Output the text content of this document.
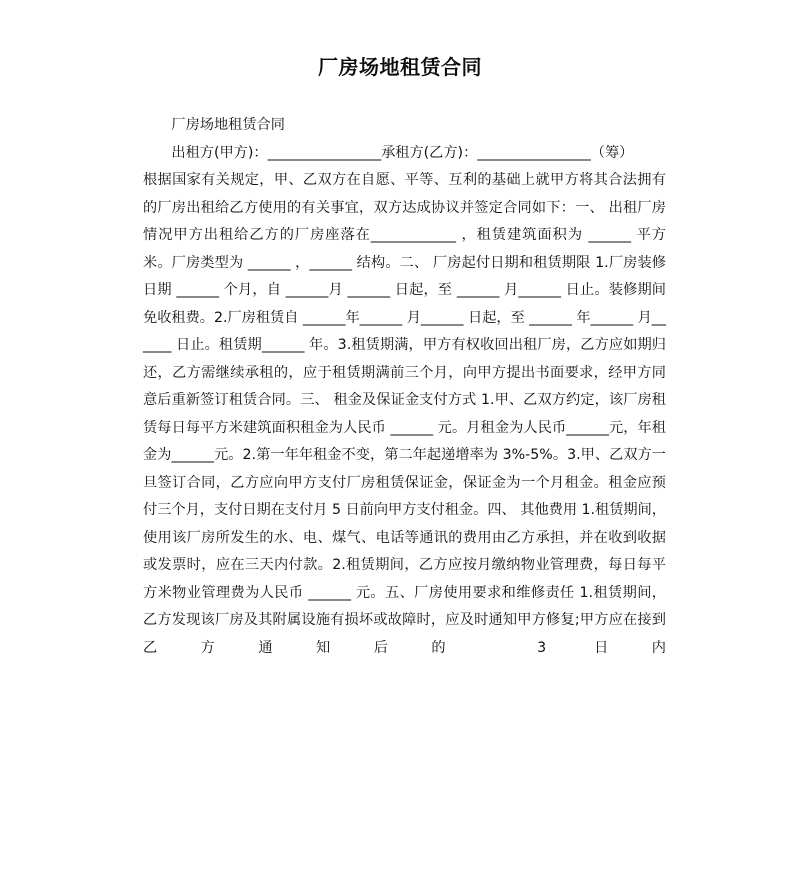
厂房场地租赁合同

厂房场地租赁合同

出租方(甲方)：________________承租方(乙方)：________________（筹）

根据国家有关规定，甲、乙双方在自愿、平等、互利的基础上就甲方将其合法拥有的厂房出租给乙方使用的有关事宜，双方达成协议并签定合同如下：一、 出租厂房情况甲方出租给乙方的厂房座落在____________ ，租赁建筑面积为 ______ 平方米。厂房类型为 ______ ，______ 结构。二、 厂房起付日期和租赁期限 1.厂房装修日期 ______ 个月，自 ______月 ______ 日起，至 ______ 月______ 日止。装修期间免收租费。2.厂房租赁自 ______年______ 月______ 日起，至 ______ 年______ 月______ 日止。租赁期______ 年。3.租赁期满，甲方有权收回出租厂房，乙方应如期归还，乙方需继续承租的，应于租赁期满前三个月，向甲方提出书面要求，经甲方同意后重新签订租赁合同。三、 租金及保证金支付方式 1.甲、乙双方约定，该厂房租赁每日每平方米建筑面积租金为人民币 ______ 元。月租金为人民币______元，年租金为______元。2.第一年年租金不变，第二年起递增率为 3%-5%。3.甲、乙双方一旦签订合同，乙方应向甲方支付厂房租赁保证金，保证金为一个月租金。租金应预付三个月，支付日期在支付月 5 日前向甲方支付租金。四、 其他费用 1.租赁期间，使用该厂房所发生的水、电、煤气、电话等通讯的费用由乙方承担，并在收到收据或发票时，应在三天内付款。2.租赁期间，乙方应按月缴纳物业管理费，每日每平方米物业管理费为人民币 ______ 元。五、厂房使用要求和维修责任 1.租赁期间，乙方发现该厂房及其附属设施有损坏或故障时，应及时通知甲方修复;甲方应在接到乙方通知后的 3 日内
